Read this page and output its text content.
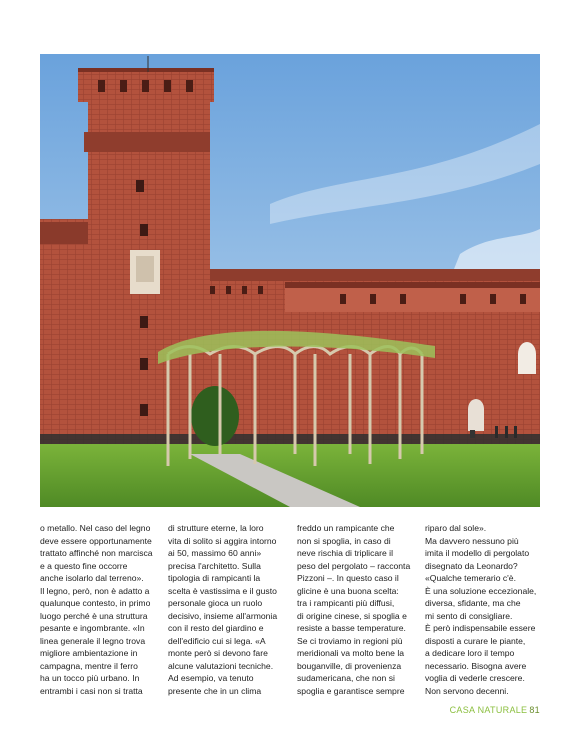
o metallo. Nel caso del legno
deve essere opportunamente
trattato affinché non marcisca
e a questo fine occorre
anche isolarlo dal terreno».
Il legno, però, non è adatto a
qualunque contesto, in primo
luogo perché è una struttura
pesante e ingombrante. «In
linea generale il legno trova
migliore ambientazione in
campagna, mentre il ferro
ha un tocco più urbano. In
entrambi i casi non si tratta

di strutture eterne, la loro
vita di solito si aggira intorno
ai 50, massimo 60 anni»
precisa l'architetto. Sulla
tipologia di rampicanti la
scelta è vastissima e il gusto
personale gioca un ruolo
decisivo, insieme all'armonia
con il resto del giardino e
dell'edificio cui si lega. «A
monte però si devono fare
alcune valutazioni tecniche.
Ad esempio, va tenuto
presente che in un clima

freddo un rampicante che
non si spoglia, in caso di
neve rischia di triplicare il
peso del pergolato – racconta
Pizzoni –. In questo caso il
glicine è una buona scelta:
tra i rampicanti più diffusi,
di origine cinese, si spoglia e
resiste a basse temperature.
Se ci troviamo in regioni più
meridionali va molto bene la
bouganville, di provenienza
sudamericana, che non si
spoglia e garantisce sempre

riparo dal sole».
Ma davvero nessuno più
imita il modello di pergolato
disegnato da Leonardo?
«Qualche temerario c'è.
È una soluzione eccezionale,
diversa, sfidante, ma che
mi sento di consigliare.
È però indispensabile essere
disposti a curare le piante,
a dedicare loro il tempo
necessario. Bisogna avere
voglia di vederle crescere.
Non servono decenni.

CASA NATURALE 81
